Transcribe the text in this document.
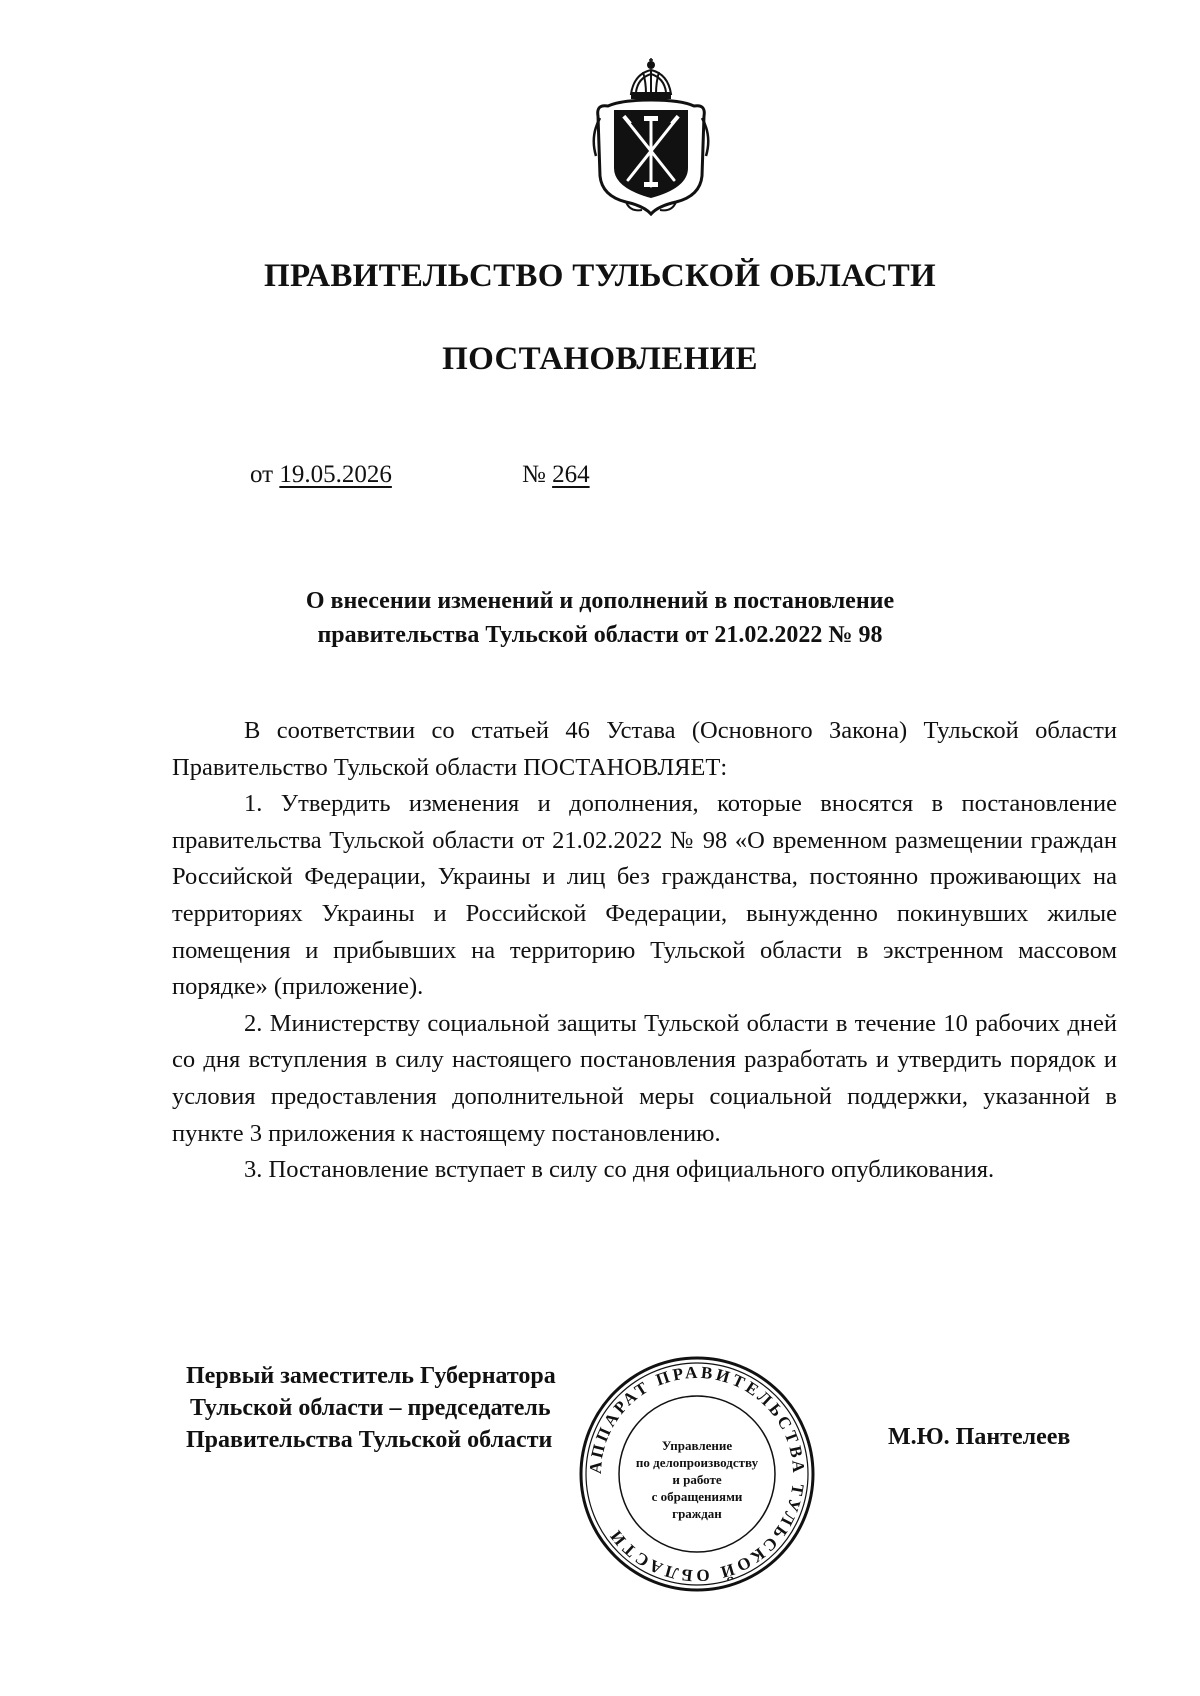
ПРАВИТЕЛЬСТВО ТУЛЬСКОЙ ОБЛАСТИ
ПОСТАНОВЛЕНИЕ
от 19.05.2026	№ 264
О внесении изменений и дополнений в постановление
правительства Тульской области от 21.02.2022 № 98

В соответствии со статьей 46 Устава (Основного Закона) Тульской области Правительство Тульской области ПОСТАНОВЛЯЕТ:

1. Утвердить изменения и дополнения, которые вносятся в постановление правительства Тульской области от 21.02.2022 № 98 «О временном размещении граждан Российской Федерации, Украины и лиц без гражданства, постоянно проживающих на территориях Украины и Российской Федерации, вынужденно покинувших жилые помещения и прибывших на территорию Тульской области в экстренном массовом порядке» (приложение).

2. Министерству социальной защиты Тульской области в течение 10 рабочих дней со дня вступления в силу настоящего постановления разработать и утвердить порядок и условия предоставления дополнительной меры социальной поддержки, указанной в пункте 3 приложения к настоящему постановлению.

3. Постановление вступает в силу со дня официального опубликования.

Первый заместитель Губернатора
Тульской области – председатель
Правительства Тульской области	М.Ю. Пантелеев
АППАРАТ ПРАВИТЕЛЬСТВА ТУЛЬСКОЙ ОБЛАСТИ
Управление
по делопроизводству
и работе
с обращениями
граждан
